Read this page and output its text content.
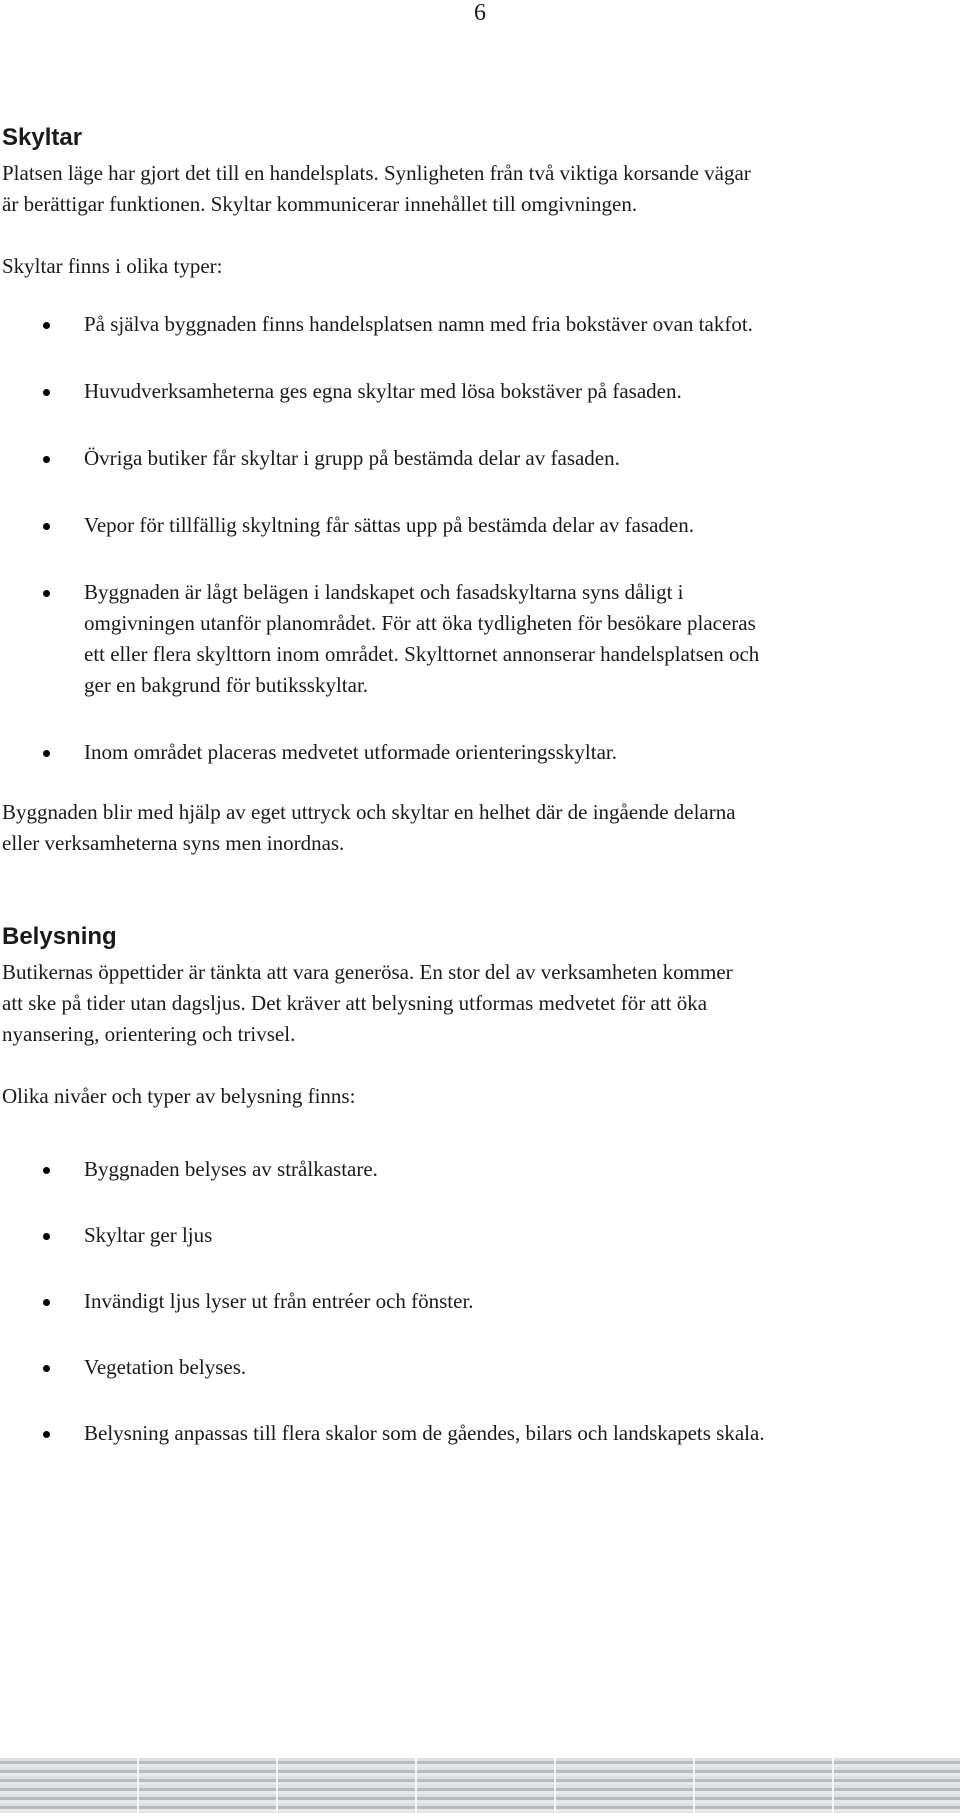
6
Skyltar

Platsen läge har gjort det till en handelsplats. Synligheten från två viktiga korsande vägar
är berättigar funktionen. Skyltar kommunicerar innehållet till omgivningen.

Skyltar finns i olika typer:

På själva byggnaden finns handelsplatsen namn med fria bokstäver ovan takfot.
Huvudverksamheterna ges egna skyltar med lösa bokstäver på fasaden.
Övriga butiker får skyltar i grupp på bestämda delar av fasaden.
Vepor för tillfällig skyltning får sättas upp på bestämda delar av fasaden.
Byggnaden är lågt belägen i landskapet och fasadskyltarna syns dåligt i
omgivningen utanför planområdet. För att öka tydligheten för besökare placeras
ett eller flera skylttorn inom området. Skylttornet annonserar handelsplatsen och
ger en bakgrund för butiksskyltar.
Inom området placeras medvetet utformade orienteringsskyltar.

Byggnaden blir med hjälp av eget uttryck och skyltar en helhet där de ingående delarna
eller verksamheterna syns men inordnas.

Belysning

Butikernas öppettider är tänkta att vara generösa. En stor del av verksamheten kommer
att ske på tider utan dagsljus. Det kräver att belysning utformas medvetet för att öka
nyansering, orientering och trivsel.

Olika nivåer och typer av belysning finns:

Byggnaden belyses av strålkastare.
Skyltar ger ljus
Invändigt ljus lyser ut från entréer och fönster.
Vegetation belyses.
Belysning anpassas till flera skalor som de gåendes, bilars och landskapets skala.
